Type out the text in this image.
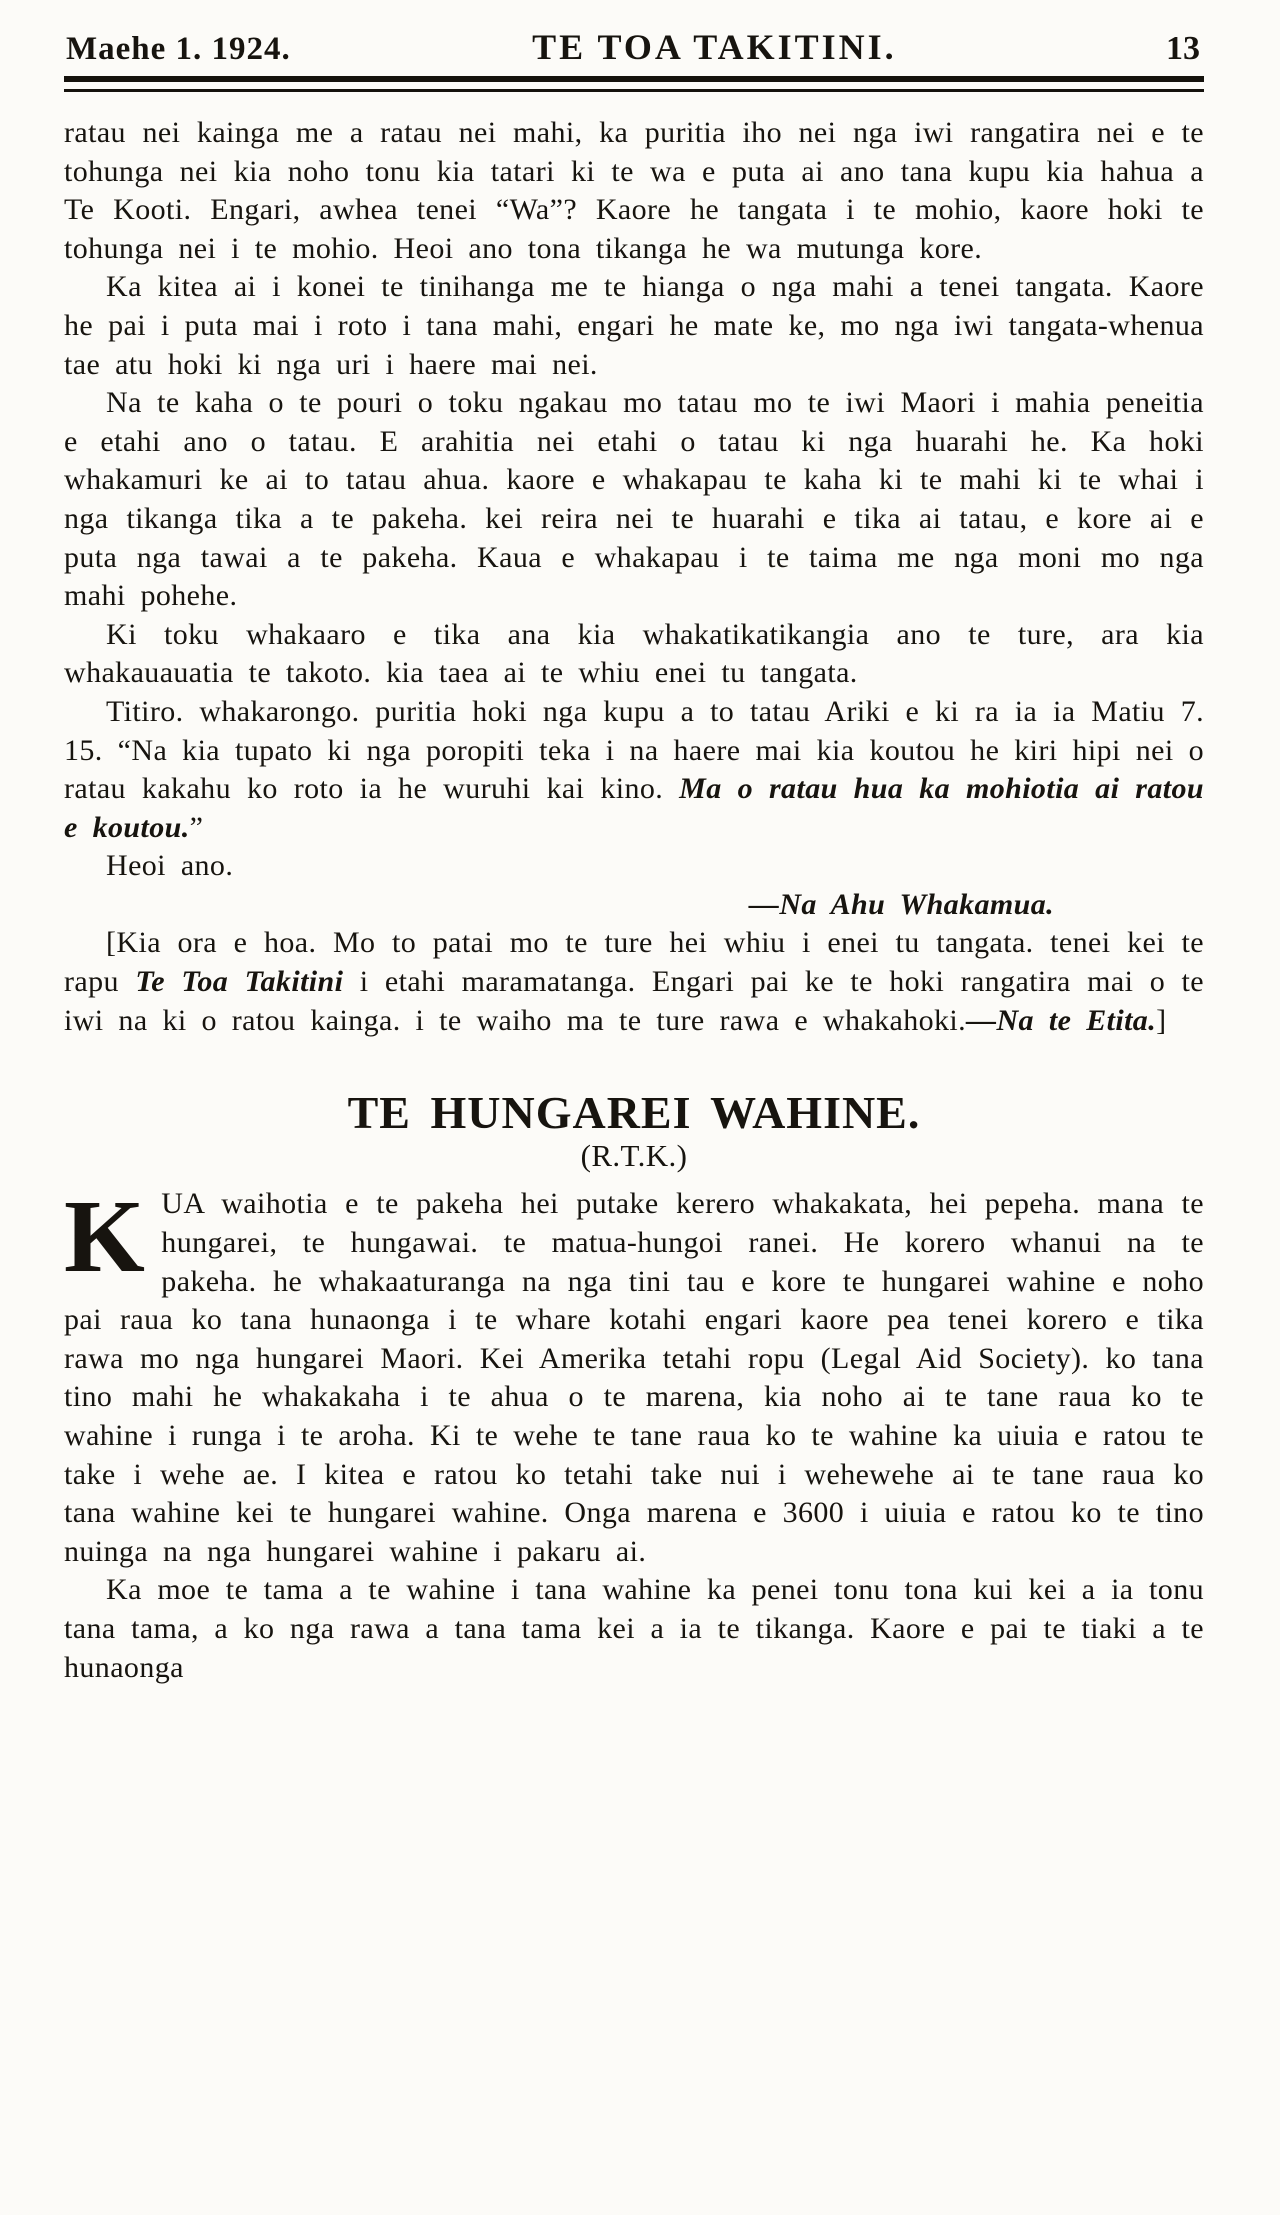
Maehe 1. 1924.	TE TOA TAKITINI.	13

ratau nei kainga me a ratau nei mahi, ka puritia iho nei nga iwi rangatira nei e te tohunga nei kia noho tonu kia tatari ki te wa e puta ai ano tana kupu kia hahua a Te Kooti. Engari, awhea tenei “Wa”? Kaore he tangata i te mohio, kaore hoki te tohunga nei i te mohio. Heoi ano tona tikanga he wa mutunga kore.

Ka kitea ai i konei te tinihanga me te hianga o nga mahi a tenei tangata. Kaore he pai i puta mai i roto i tana mahi, engari he mate ke, mo nga iwi tangata-whenua tae atu hoki ki nga uri i haere mai nei.

Na te kaha o te pouri o toku ngakau mo tatau mo te iwi Maori i mahia peneitia e etahi ano o tatau. E arahitia nei etahi o tatau ki nga huarahi he. Ka hoki whakamuri ke ai to tatau ahua. kaore e whakapau te kaha ki te mahi ki te whai i nga tikanga tika a te pakeha. kei reira nei te huarahi e tika ai tatau, e kore ai e puta nga tawai a te pakeha. Kaua e whakapau i te taima me nga moni mo nga mahi pohehe.

Ki toku whakaaro e tika ana kia whakatikatikangia ano te ture, ara kia whakauauatia te takoto. kia taea ai te whiu enei tu tangata.

Titiro. whakarongo. puritia hoki nga kupu a to tatau Ariki e ki ra ia ia Matiu 7. 15. “Na kia tupato ki nga poropiti teka i na haere mai kia koutou he kiri hipi nei o ratau kakahu ko roto ia he wuruhi kai kino. Ma o ratau hua ka mohiotia ai ratou e koutou.”

Heoi ano.

—Na Ahu Whakamua.

[Kia ora e hoa. Mo to patai mo te ture hei whiu i enei tu tangata. tenei kei te rapu Te Toa Takitini i etahi maramatanga. Engari pai ke te hoki rangatira mai o te iwi na ki o ratou kainga. i te waiho ma te ture rawa e whakahoki.—Na te Etita.]

TE HUNGAREI WAHINE.
(R.T.K.)

KUA waihotia e te pakeha hei putake kerero whakakata, hei pepeha. mana te hungarei, te hungawai. te matua-hungoi ranei. He korero whanui na te pakeha. he whakaaturanga na nga tini tau e kore te hungarei wahine e noho pai raua ko tana hunaonga i te whare kotahi engari kaore pea tenei korero e tika rawa mo nga hungarei Maori. Kei Amerika tetahi ropu (Legal Aid Society). ko tana tino mahi he whakakaha i te ahua o te marena, kia noho ai te tane raua ko te wahine i runga i te aroha. Ki te wehe te tane raua ko te wahine ka uiuia e ratou te take i wehe ae. I kitea e ratou ko tetahi take nui i wehewehe ai te tane raua ko tana wahine kei te hungarei wahine. Onga marena e 3600 i uiuia e ratou ko te tino nuinga na nga hungarei wahine i pakaru ai.

Ka moe te tama a te wahine i tana wahine ka penei tonu tona kui kei a ia tonu tana tama, a ko nga rawa a tana tama kei a ia te tikanga. Kaore e pai te tiaki a te hunaonga
